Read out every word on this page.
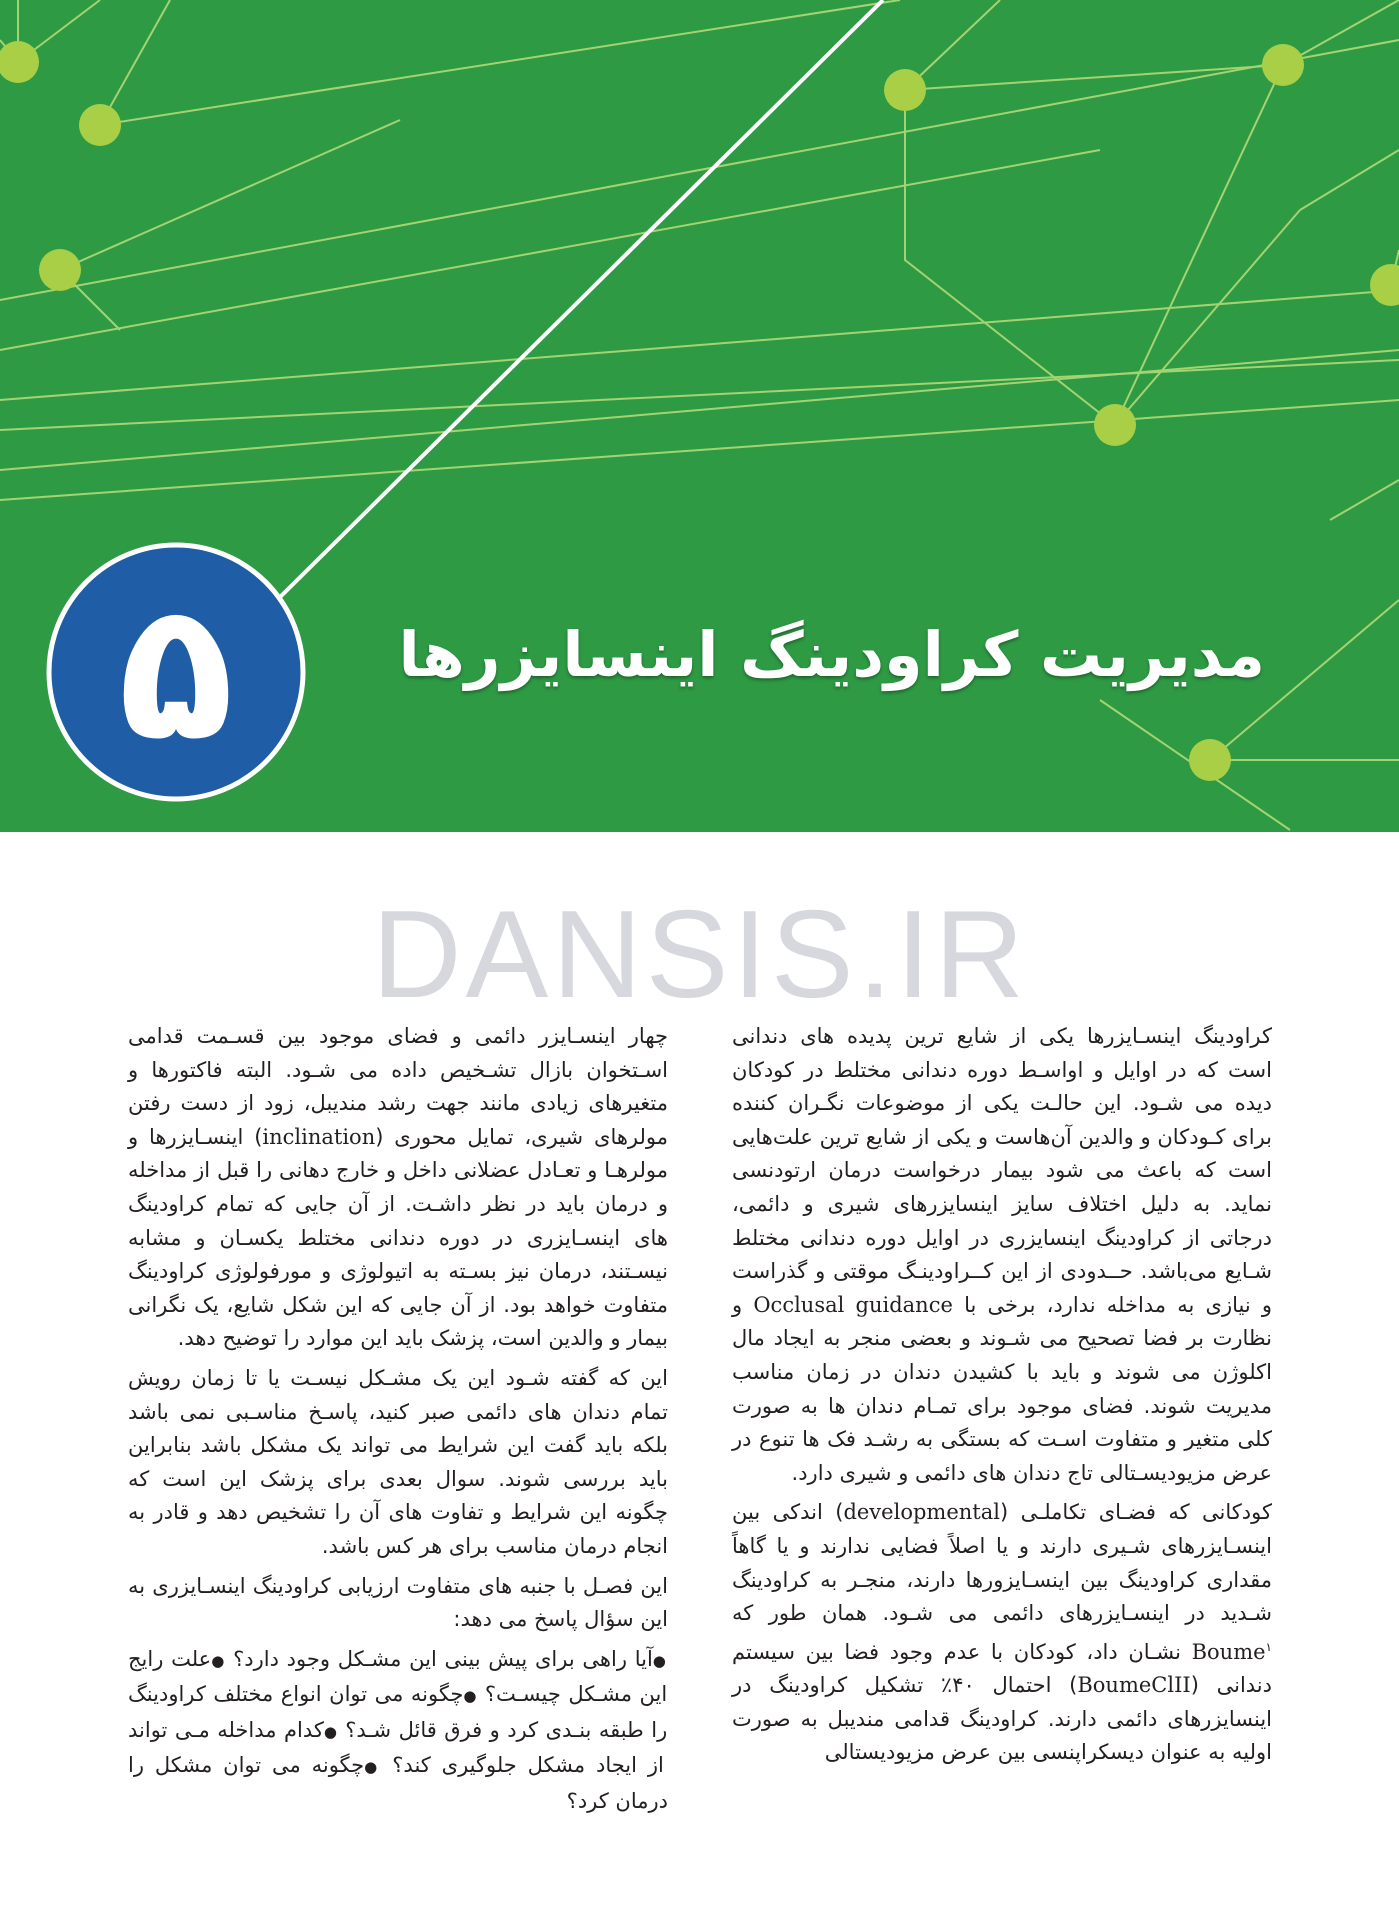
۵	مدیریت کراودینگ اینسایزرها
DANSIS.IR

کراودینگ اینسـایزرها یکی از شایع ترین پدیده های دندانی است که در اوایل و اواسـط دوره دندانی مختلط در کودکان دیده می شـود. این حالـت یکی از موضوعات نگـران کننده برای کـودکان و والدین آن‌هاست و یکی از شایع ترین علت‌هایی است که باعث می شود بیمار درخواست درمان ارتودنسی نماید. به دلیل اختلاف سایز اینسایزرهای شیری و دائمی، درجاتی از کراودینگ اینسایزری در اوایل دوره دندانی مختلط شـایع می‌باشد. حــدودی از این کــراودینـگ موقتی و گذراست و نیازی به مداخله ندارد، برخی با Occlusal guidance و نظارت بر فضا تصحیح می شـوند و بعضی منجر به ایجاد مال اکلوژن می شوند و باید با کشیدن دندان در زمان مناسب مدیریت شوند. فضای موجود برای تمـام دندان ها به صورت کلی متغیر و متفاوت اسـت که بستگی به رشـد فک ها تنوع در عرض مزیودیسـتالی تاج دندان های دائمی و شیری دارد.

کودکانی که فضـای تکاملـی (developmental) اندکی بین اینسـایزرهای شـیری دارند و یا اصلاً فضایی ندارند و یا گاهاً مقداری کراودینگ بین اینسـایزورها دارند، منجـر به کراودینگ شـدید در اینسـایزرهای دائمی می شـود. همان طور که Boume$^۱$ نشـان داد، کودکان با عدم وجود فضا بین سیستم دندانی (BoumeClII) احتمال ۴۰٪ تشکیل کراودینگ در اینسایزرهای دائمی دارند. کراودینگ قدامی مندیبل به صورت اولیه به عنوان دیسکراپنسی بین عرض مزیودیستالی

چهار اینسـایزر دائمی و فضای موجود بین قسـمت قدامی اسـتخوان بازال تشـخیص داده می شـود. البته فاکتورها و متغیرهای زیادی مانند جهت رشد مندیبل، زود از دست رفتن مولرهای شیری، تمایل محوری (inclination) اینسـایزرها و مولرهـا و تعـادل عضلانی داخل و خارج دهانی را قبل از مداخله و درمان باید در نظر داشـت. از آن جایی که تمام کراودینگ های اینسـایزری در دوره دندانی مختلط یکسـان و مشابه نیسـتند، درمان نیز بسـته به اتیولوژی و مورفولوژی کراودینگ متفاوت خواهد بود. از آن جایی که این شکل شایع، یک نگرانی بیمار و والدین است، پزشک باید این موارد را توضیح دهد.

این که گفته شـود این یک مشـکل نیسـت یا تا زمان رویش تمام دندان های دائمی صبر کنید، پاسـخ مناسـبی نمی باشد بلکه باید گفت این شرایط می تواند یک مشکل باشد بنابراین باید بررسی شوند. سوال بعدی برای پزشک این است که چگونه این شرایط و تفاوت های آن را تشخیص دهد و قادر به انجام درمان مناسب برای هر کس باشد.

این فصـل با جنبه های متفاوت ارزیابی کراودینگ اینسـایزری به این سؤال پاسخ می دهد:

●آیا راهی برای پیش بینی این مشـکل وجود دارد؟ ●علت رایج این مشـکل چیسـت؟ ●چگونه می توان انواع مختلف کراودینگ را طبقه بنـدی کرد و فرق قائل شـد؟ ●کدام مداخله مـی تواند از ایجاد مشکل جلوگیری کند؟ ●چگونه می توان مشکل را درمان کرد؟
